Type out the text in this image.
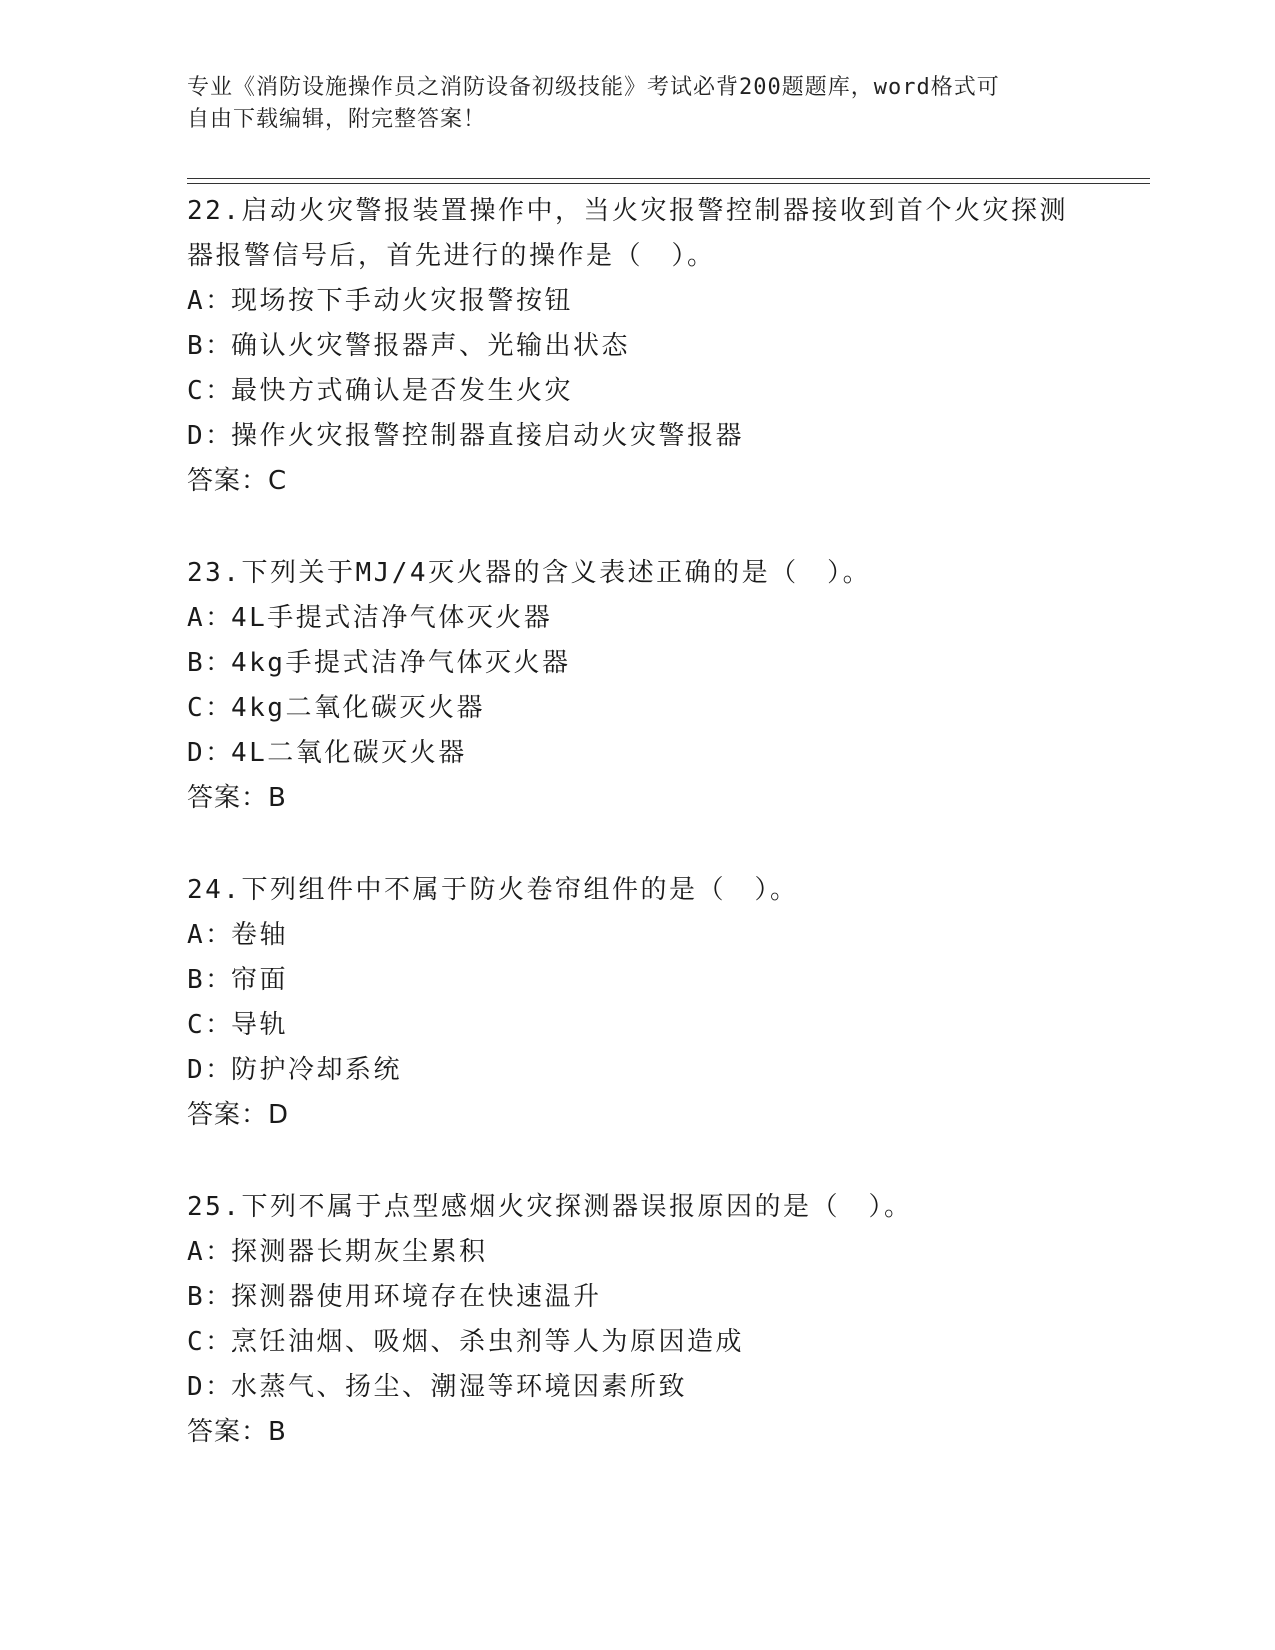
专业《消防设施操作员之消防设备初级技能》考试必背200题题库，word格式可
自由下载编辑，附完整答案！

22.启动火灾警报装置操作中，当火灾报警控制器接收到首个火灾探测

器报警信号后，首先进行的操作是（　）。

A：
现场按下手动火灾报警按钮

B：
确认火灾警报器声、光输出状态

C：
最快方式确认是否发生火灾

D：
操作火灾报警控制器直接启动火灾警报器

答案：C

23.下列关于MJ/4灭火器的含义表述正确的是（　）。

A：
4L手提式洁净气体灭火器

B：
4kg手提式洁净气体灭火器

C：
4kg二氧化碳灭火器

D：
4L二氧化碳灭火器

答案：B

24.下列组件中不属于防火卷帘组件的是（　）。

A：
卷轴

B：
帘面

C：
导轨

D：
防护冷却系统

答案：D

25.下列不属于点型感烟火灾探测器误报原因的是（　）。

A：
探测器长期灰尘累积

B：
探测器使用环境存在快速温升

C：
烹饪油烟、吸烟、杀虫剂等人为原因造成

D：
水蒸气、扬尘、潮湿等环境因素所致

答案：B
